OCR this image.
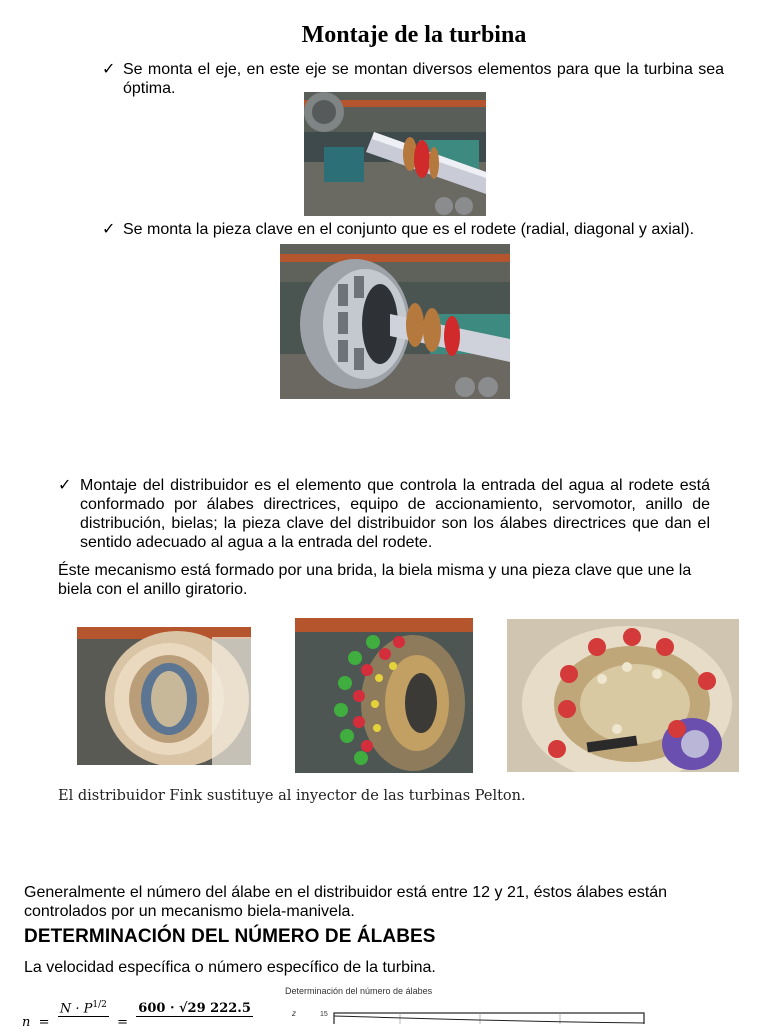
Montaje de la turbina
✓ Se monta el eje, en este eje se montan diversos elementos para que la turbina sea óptima.
✓ Se monta la pieza clave en el conjunto que es el rodete (radial, diagonal y axial).
✓ Montaje del distribuidor es el elemento que controla la entrada del agua al rodete está conformado por álabes directrices, equipo de accionamiento, servomotor, anillo de distribución, bielas; la pieza clave del distribuidor son los álabes directrices que dan el sentido adecuado al agua a la entrada del rodete.
Éste mecanismo está formado por una brida, la biela misma y una pieza clave que une la biela con el anillo giratorio.
El distribuidor Fink sustituye al inyector de las turbinas Pelton.
Generalmente el número del álabe en el distribuidor está entre 12 y 21, éstos álabes están controlados por un mecanismo biela-manivela.
DETERMINACIÓN DEL NÚMERO DE ÁLABES
La velocidad específica o número específico de la turbina.
n  =
$N \cdot P^{1/2}$
=
600 · √29 222.5
Determinación del número de álabes
z	15
